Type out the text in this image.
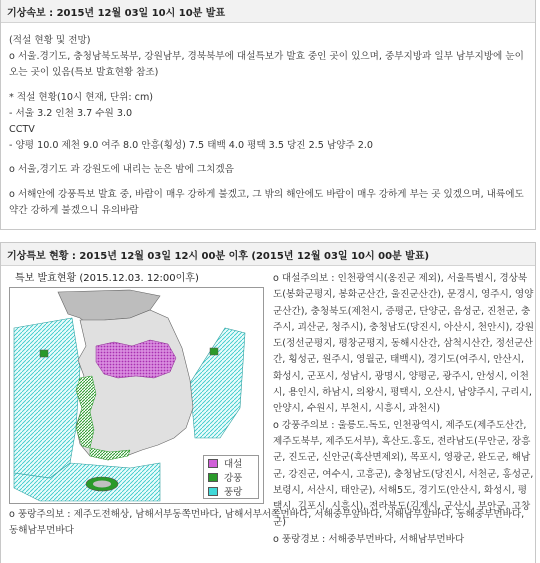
기상속보 : 2015년 12월 03일 10시 10분 발표

(적설 현황 및 전망)

o 서울.경기도, 충청남북도북부, 강원남부, 경북북부에 대설특보가 발효 중인 곳이 있으며, 중부지방과 일부 남부지방에 눈이 오는 곳이 있음(특보 발효현황 참조)

* 적설 현황(10시 현재, 단위: cm)

- 서울 3.2 인천 3.7 수원 3.0

CCTV

- 양평 10.0 제천 9.0 여주 8.0 안흥(횡성) 7.5 태백 4.0 평택 3.5 당진 2.5 남양주 2.0

o 서울,경기도 과 강원도에 내리는 눈은 밤에 그치겠음

o 서해안에 강풍특보 발효 중, 바람이 매우 강하게 불겠고, 그 밖의 해안에도 바람이 매우 강하게 부는 곳 있겠으며, 내륙에도 약간 강하게 불겠으니 유의바람

기상특보 현황 : 2015년 12월 03일 12시 00분 이후 (2015년 12월 03일 10시 00분 발표)
특보 발효현황 (2015.12.03. 12:00이후)
대설
강풍
풍랑

o 대설주의보 : 인천광역시(옹진군 제외), 서울특별시, 경상북도(봉화군평지, 봉화군산간, 울진군산간), 문경시, 영주시, 영양군산간), 충청북도(제천시, 증평군, 단양군, 음성군, 진천군, 충주시, 괴산군, 청주시), 충청남도(당진시, 아산시, 천안시), 강원도(정선군평지, 평창군평지, 동해시산간, 삼척시산간, 정선군산간, 횡성군, 원주시, 영월군, 태백시), 경기도(여주시, 안산시, 화성시, 군포시, 성남시, 광명시, 양평군, 광주시, 안성시, 이천시, 용인시, 하남시, 의왕시, 평택시, 오산시, 남양주시, 구리시, 안양시, 수원시, 부천시, 시흥시, 과천시)

o 강풍주의보 : 울릉도.독도, 인천광역시, 제주도(제주도산간, 제주도북부, 제주도서부), 흑산도.홍도, 전라남도(무안군, 장흥군, 진도군, 신안군(흑산면제외), 목포시, 영광군, 완도군, 해남군, 강진군, 여수시, 고흥군), 충청남도(당진시, 서천군, 홍성군, 보령시, 서산시, 태안군), 서해5도, 경기도(안산시, 화성시, 평택시, 김포시, 시흥시), 전라북도(김제시, 군산시, 부안군, 고창군)

o 풍랑경보 : 서해중부먼바다, 서해남부먼바다

o 풍랑주의보 : 제주도전해상, 남해서부동쪽먼바다, 남해서부서쪽먼바다, 서해중부앞바다, 서해남부앞바다, 동해중부먼바다, 동해남부먼바다
